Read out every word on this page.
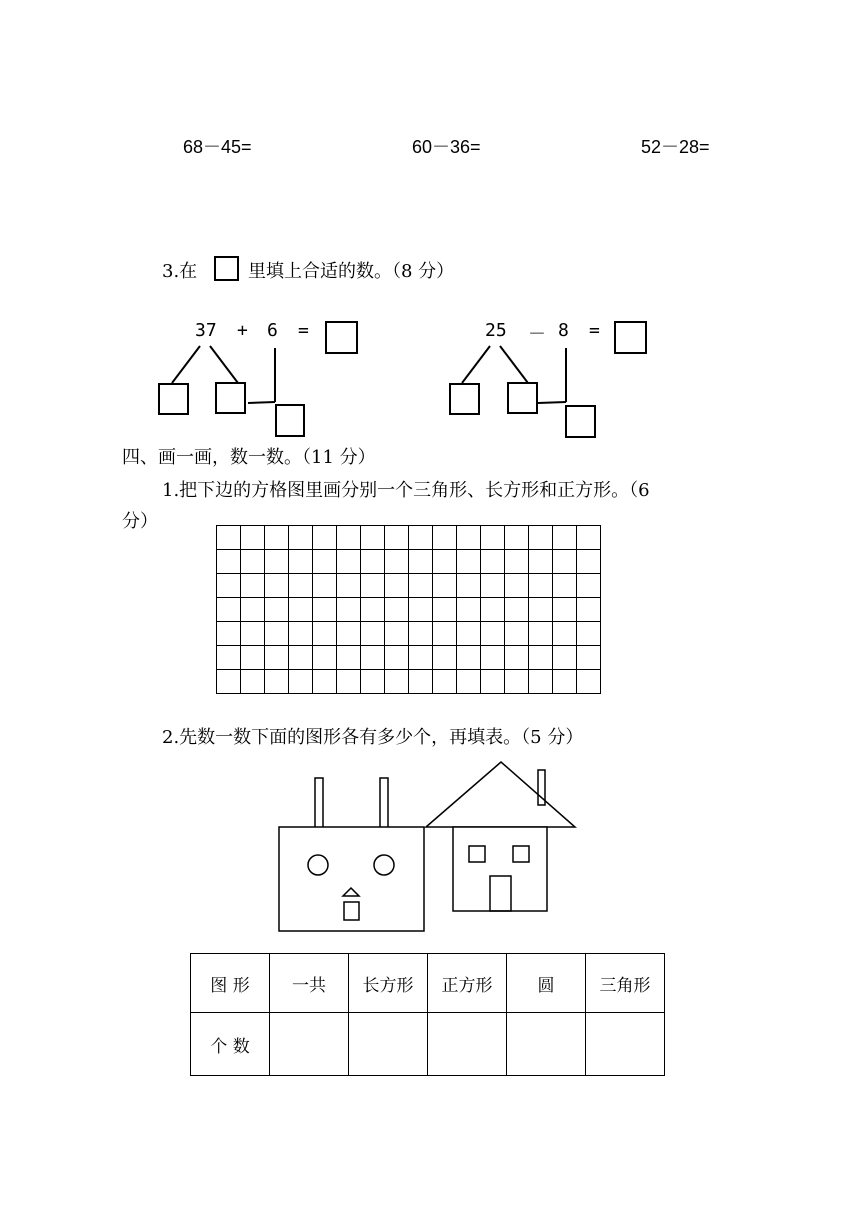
68－45=	60－36=	52－28=
3.在	里填上合适的数。（8 分）
37 + 6 =	25 － 8 =
四、画一画，数一数。（11 分）
1.把下边的方格图里画分别一个三角形、长方形和正方形。（6
分）

2.先数一数下面的图形各有多少个，再填表。（5 分）
图 形	一共	长方形	正方形	圆	三角形
个 数					
